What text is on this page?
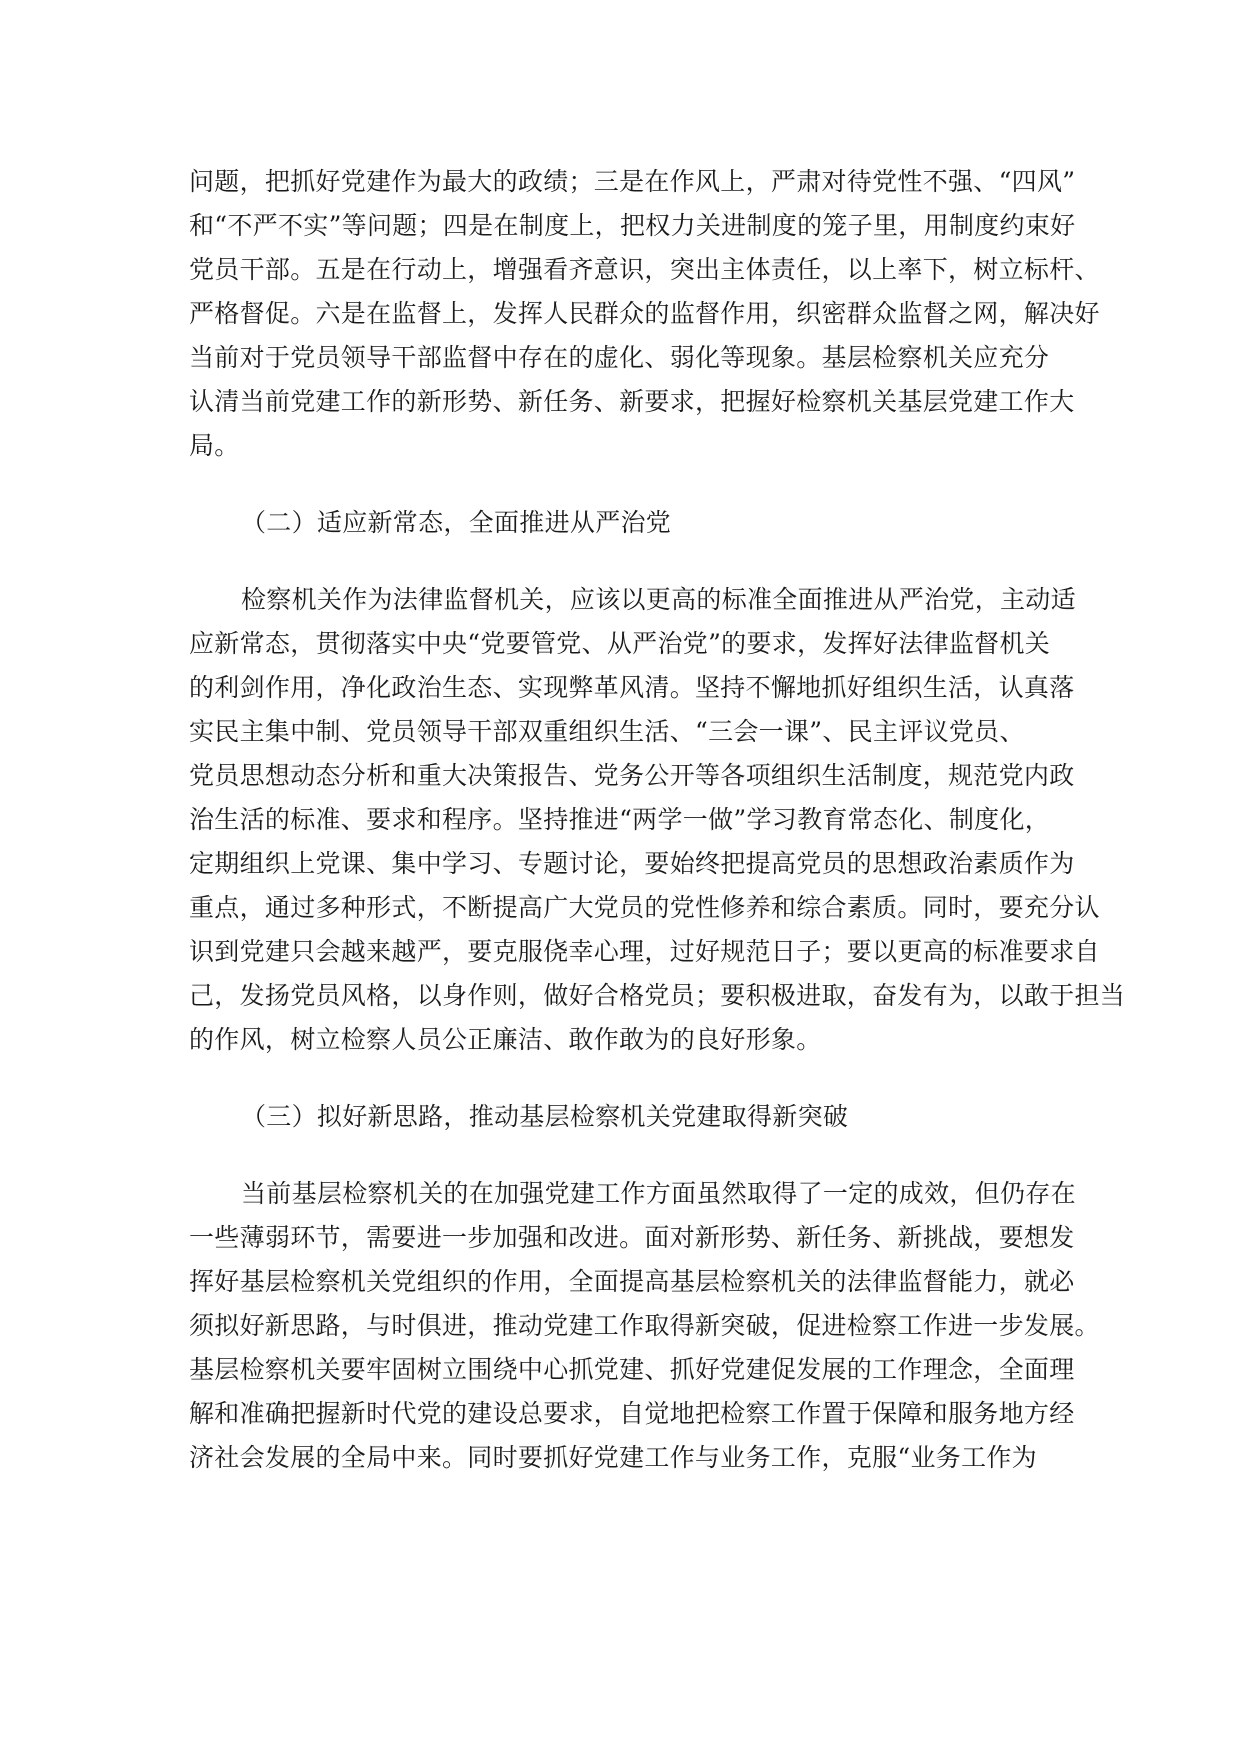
问题，把抓好党建作为最大的政绩；三是在作风上，严肃对待党性不强、“四风”
和“不严不实”等问题；四是在制度上，把权力关进制度的笼子里，用制度约束好
党员干部。五是在行动上，增强看齐意识，突出主体责任，以上率下，树立标杆、
严格督促。六是在监督上，发挥人民群众的监督作用，织密群众监督之网，解决好
当前对于党员领导干部监督中存在的虚化、弱化等现象。基层检察机关应充分
认清当前党建工作的新形势、新任务、新要求，把握好检察机关基层党建工作大
局。
（二）适应新常态，全面推进从严治党
检察机关作为法律监督机关，应该以更高的标准全面推进从严治党，主动适
应新常态，贯彻落实中央“党要管党、从严治党”的要求，发挥好法律监督机关
的利剑作用，净化政治生态、实现弊革风清。坚持不懈地抓好组织生活，认真落
实民主集中制、党员领导干部双重组织生活、“三会一课”、民主评议党员、
党员思想动态分析和重大决策报告、党务公开等各项组织生活制度，规范党内政
治生活的标准、要求和程序。坚持推进“两学一做”学习教育常态化、制度化，
定期组织上党课、集中学习、专题讨论，要始终把提高党员的思想政治素质作为
重点，通过多种形式，不断提高广大党员的党性修养和综合素质。同时，要充分认
识到党建只会越来越严，要克服侥幸心理，过好规范日子；要以更高的标准要求自
己，发扬党员风格，以身作则，做好合格党员；要积极进取，奋发有为，以敢于担当
的作风，树立检察人员公正廉洁、敢作敢为的良好形象。
（三）拟好新思路，推动基层检察机关党建取得新突破
当前基层检察机关的在加强党建工作方面虽然取得了一定的成效，但仍存在
一些薄弱环节，需要进一步加强和改进。面对新形势、新任务、新挑战，要想发
挥好基层检察机关党组织的作用，全面提高基层检察机关的法律监督能力，就必
须拟好新思路，与时俱进，推动党建工作取得新突破，促进检察工作进一步发展。
基层检察机关要牢固树立围绕中心抓党建、抓好党建促发展的工作理念，全面理
解和准确把握新时代党的建设总要求，自觉地把检察工作置于保障和服务地方经
济社会发展的全局中来。同时要抓好党建工作与业务工作，克服“业务工作为
